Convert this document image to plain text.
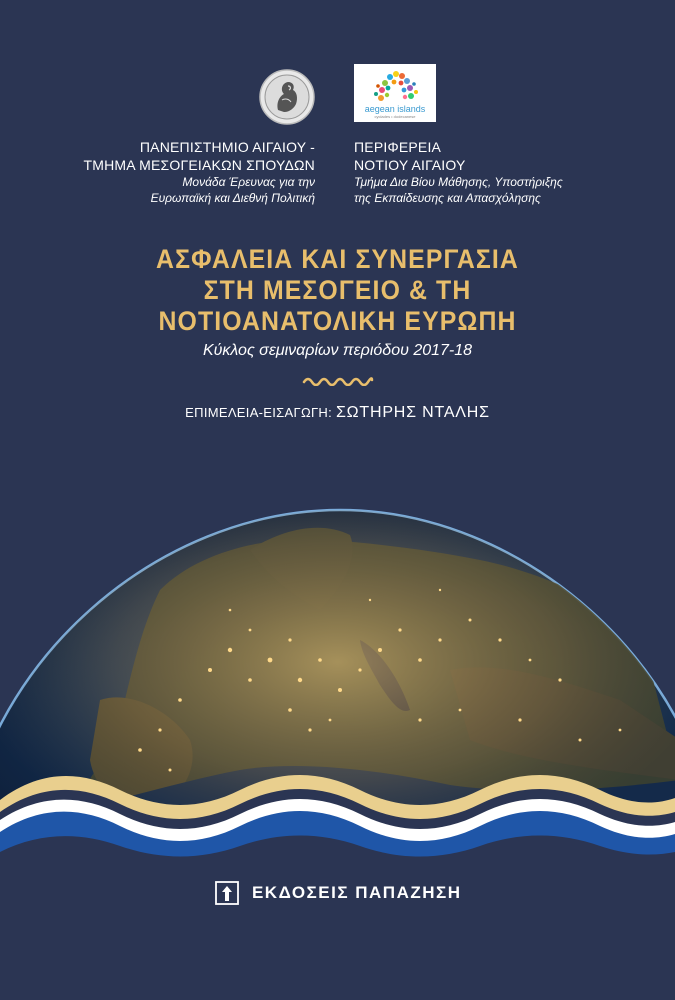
aegean islands
cyclades • dodecanese
ΠΑΝΕΠΙΣΤΗΜΙΟ ΑΙΓΑΙΟΥ -
ΤΜΗΜΑ ΜΕΣΟΓΕΙΑΚΩΝ ΣΠΟΥΔΩΝ
Μονάδα Έρευνας για την
Ευρωπαϊκή και Διεθνή Πολιτική
ΠΕΡΙΦΕΡΕΙΑ
ΝΟΤΙΟΥ ΑΙΓΑΙΟΥ
Τμήμα Δια Βίου Μάθησης, Υποστήριξης
της Εκπαίδευσης και Απασχόλησης
ΑΣΦΑΛΕΙΑ ΚΑΙ ΣΥΝΕΡΓΑΣΙΑ
ΣΤΗ ΜΕΣΟΓΕΙΟ & ΤΗ
ΝΟΤΙΟΑΝΑΤΟΛΙΚΗ ΕΥΡΩΠΗ
Κύκλος σεμιναρίων περιόδου 2017-18
ΕΠΙΜΕΛΕΙΑ-ΕΙΣΑΓΩΓΗ: ΣΩΤΗΡΗΣ ΝΤΑΛΗΣ
ΕΚΔΟΣΕΙΣ ΠΑΠΑΖΗΣΗ
